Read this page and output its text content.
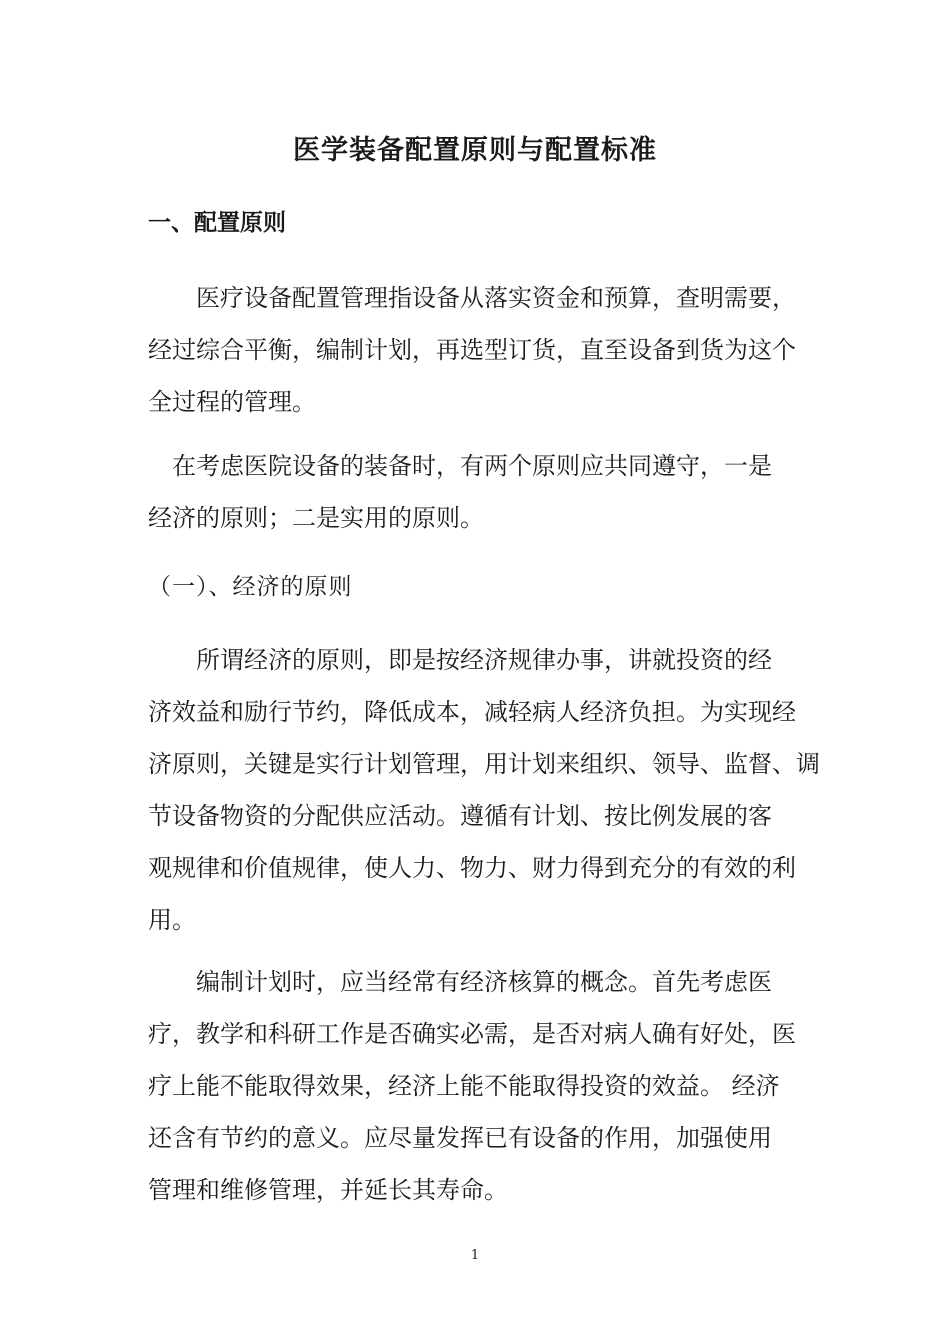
医学装备配置原则与配置标准
一、配置原则

　　医疗设备配置管理指设备从落实资金和预算，查明需要，
经过综合平衡，编制计划，再选型订货，直至设备到货为这个
全过程的管理。

　在考虑医院设备的装备时，有两个原则应共同遵守，一是
经济的原则；二是实用的原则。

（一）、经济的原则

　　所谓经济的原则，即是按经济规律办事，讲就投资的经
济效益和励行节约，降低成本，减轻病人经济负担。为实现经
济原则，关键是实行计划管理，用计划来组织、领导、监督、调
节设备物资的分配供应活动。遵循有计划、按比例发展的客
观规律和价值规律，使人力、物力、财力得到充分的有效的利
用。

　　编制计划时，应当经常有经济核算的概念。首先考虑医
疗，教学和科研工作是否确实必需，是否对病人确有好处，医
疗上能不能取得效果，经济上能不能取得投资的效益。 经济
还含有节约的意义。应尽量发挥已有设备的作用，加强使用
管理和维修管理，并延长其寿命。

1
